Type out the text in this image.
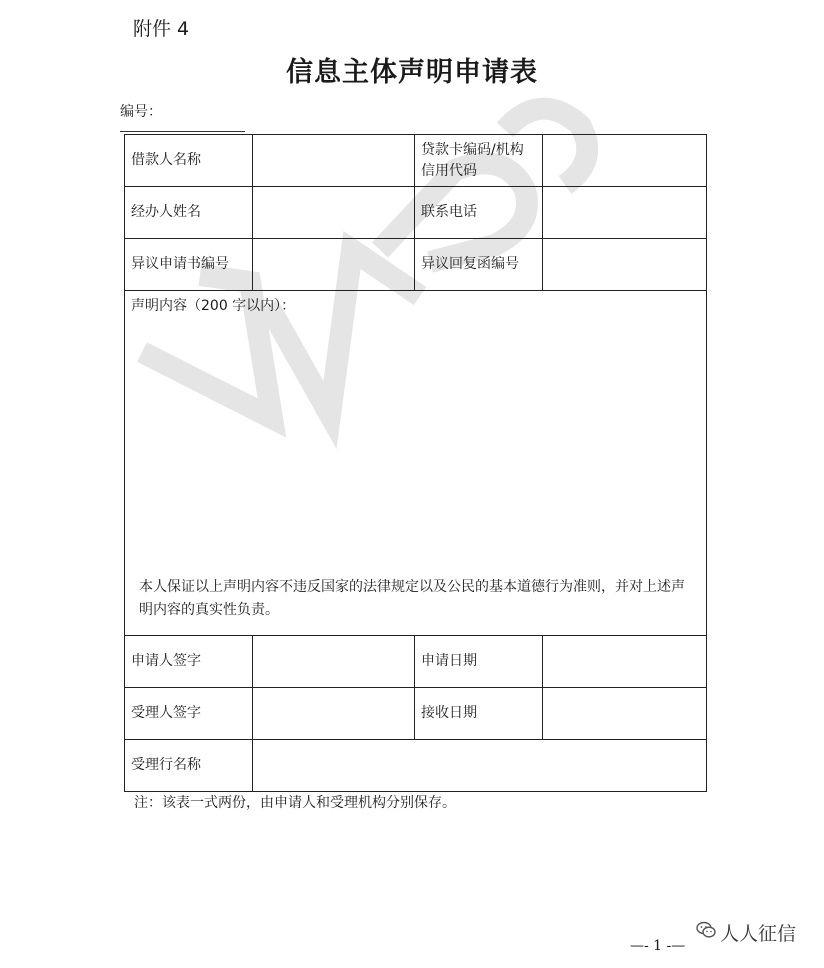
附件 4
信息主体声明申请表
编号：
借款人名称		贷款卡编码/机构信用代码	
经办人姓名		联系电话	
异议申请书编号		异议回复函编号	

声明内容（200 字以内）：
本人保证以上声明内容不违反国家的法律规定以及公民的基本道德行为准则，并对上述声明内容的真实性负责。			

申请人签字		申请日期	
受理人签字		接收日期	
受理行名称			
注：该表一式两份，由申请人和受理机构分别保存。
人人征信
—- 1 -—
